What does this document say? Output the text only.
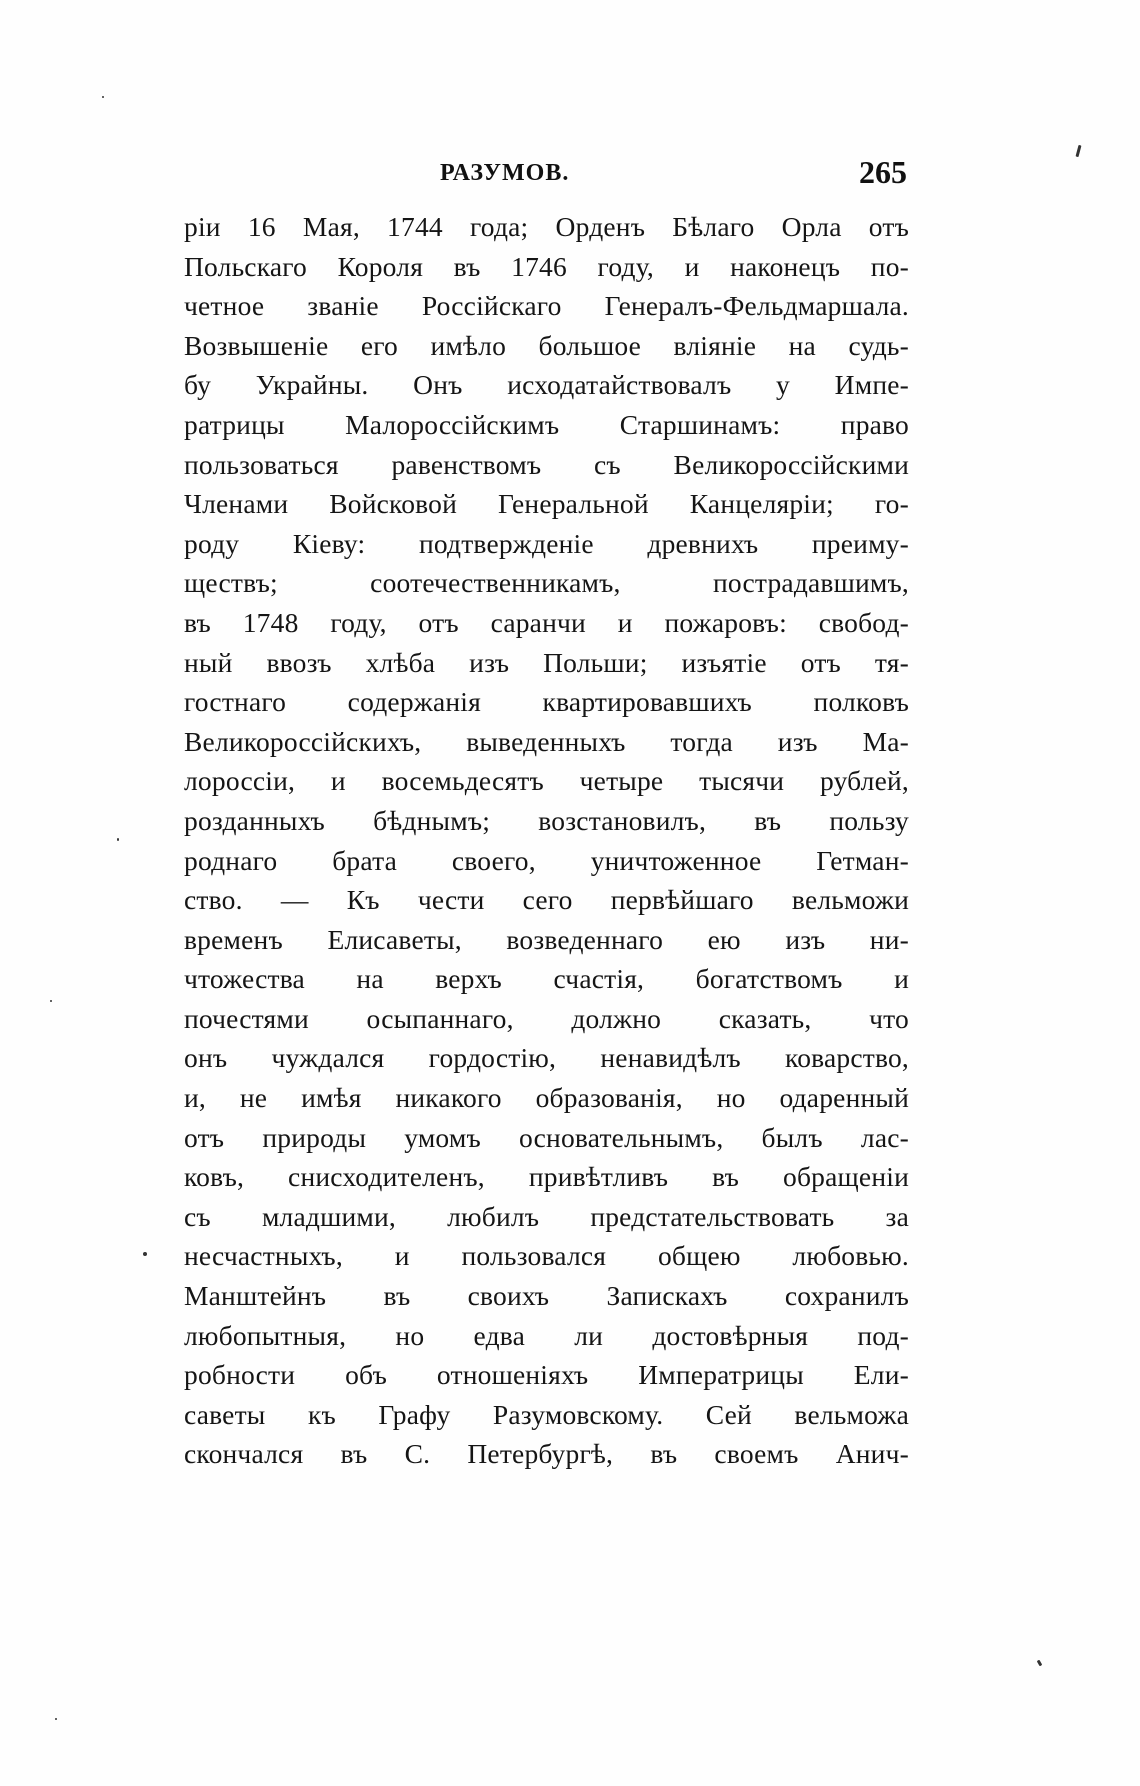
РАЗУМОВ.	265
рiи 16 Мая, 1744 года; Орденъ Бѣлаго Орла отъ
Польскаго Короля въ 1746 году, и наконецъ по-
четное званiе Россiйскаго Генералъ-Фельдмаршала.
Возвышенiе его имѣло большое влiянiе на судь-
бу Украйны. Онъ исходатайствовалъ у Импе-
ратрицы Малороссiйскимъ Старшинамъ: право
пользоваться равенствомъ съ Великороссiйскими
Членами Войсковой Генеральной Канцелярiи; го-
роду Кiеву: подтвержденiе древнихъ преиму-
ществъ; соотечественникамъ, пострадавшимъ,
въ 1748 году, отъ саранчи и пожаровъ: свобод-
ный ввозъ хлѣба изъ Польши; изъятiе отъ тя-
гостнаго содержанiя квартировавшихъ полковъ
Великороссiйскихъ, выведенныхъ тогда изъ Ма-
лороссiи, и восемьдесятъ четыре тысячи рублей,
розданныхъ бѣднымъ; возстановилъ, въ пользу
роднаго брата своего, уничтоженное Гетман-
ство. — Къ чести сего первѣйшаго вельможи
временъ Елисаветы, возведеннаго ею изъ ни-
чтожества на верхъ счастiя, богатствомъ и
почестями осыпаннаго, должно сказать, что
онъ чуждался гордостiю, ненавидѣлъ коварство,
и, не имѣя никакого образованiя, но одаренный
отъ природы умомъ основательнымъ, былъ лас-
ковъ, снисходителенъ, привѣтливъ въ обращенiи
съ младшими, любилъ предстательствовать за
несчастныхъ, и пользовался общею любовью.
Манштейнъ въ своихъ Запискахъ сохранилъ
любопытныя, но едва ли достовѣрныя под-
робности объ отношенiяхъ Императрицы Ели-
саветы къ Графу Разумовскому. Сей вельможа
скончался въ С. Петербургѣ, въ своемъ Анич-
